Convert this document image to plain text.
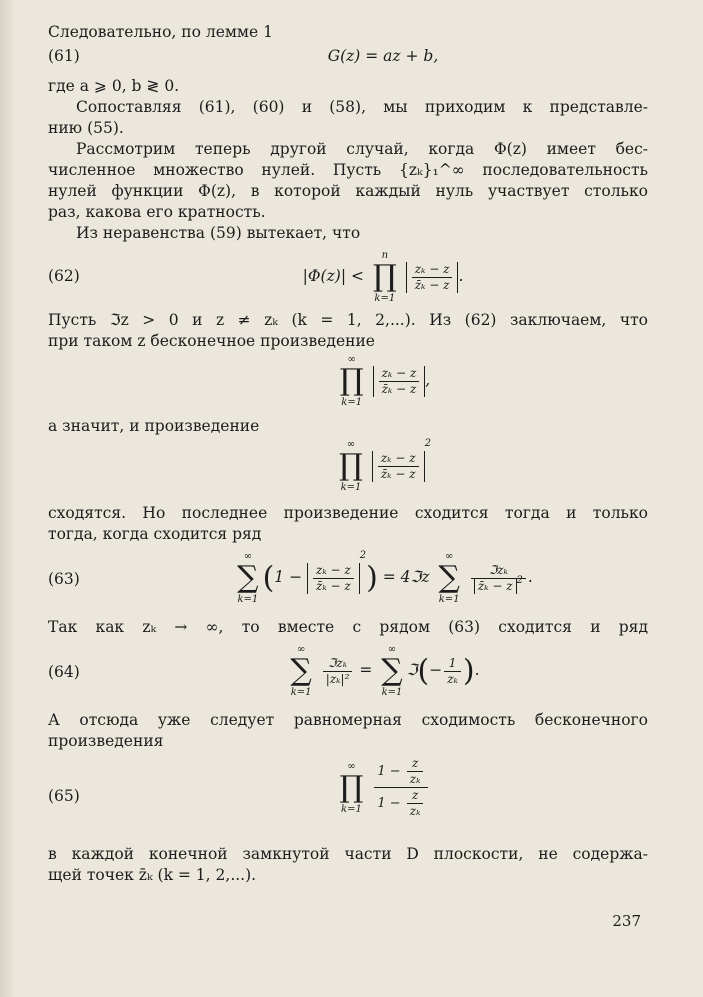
Следовательно, по лемме 1
(61)	G(z) = az + b,
где a ⩾ 0, b ≷ 0.
Сопоставляя (61), (60) и (58), мы приходим к представле-
нию (55).
Рассмотрим теперь другой случай, когда Φ(z) имеет бес-
численное множество нулей. Пусть {zₖ}₁^∞ последовательность
нулей функции Φ(z), в которой каждый нуль участвует столько
раз, какова его кратность.
Из неравенства (59) вытекает, что
(62)	|Φ(z)| <
n
∏
k=1

$\frac{\text{zₖ − z}}{\text{z̄ₖ − z}}$ .
Пусть ℑz > 0 и z ≠ zₖ (k = 1, 2,...). Из (62) заключаем, что
при таком z бесконечное произведение
∞
∏
k=1

$\frac{\text{zₖ − z}}{\text{z̄ₖ − z}}$ ,
а значит, и произведение
∞
∏
k=1

$\frac{\text{zₖ − z}}{\text{z̄ₖ − z}}$
$^2$
сходятся. Но последнее произведение сходится тогда и только
тогда, когда сходится ряд
(63)
∞
∑
k=1
($1 - \frac{\text{zₖ − z}}{\text{z̄ₖ − z}}$
$^2$) = 4ℑz
∞
∑
k=1

$\frac{\text{ℑzₖ}}{z̄_k - z ^2}$ .
Так как zₖ → ∞, то вместе с рядом (63) сходится и ряд
(64)
∞
∑
k=1

$\frac{\text{ℑzₖ}}{\text{|zₖ|²}}$ =
∞
∑
k=1
ℑ(− $\frac{1}{\text{zₖ}}$ ).
А отсюда уже следует равномерная сходимость бесконечного
произведения
(65)
∞
∏
k=1
$\frac{1 - \frac{z}{\text{zₖ}}}{1 - \frac{z}{\text{zₖ}}}$
в каждой конечной замкнутой части D плоскости, не содержа-
щей точек z̄ₖ (k = 1, 2,...).
237
